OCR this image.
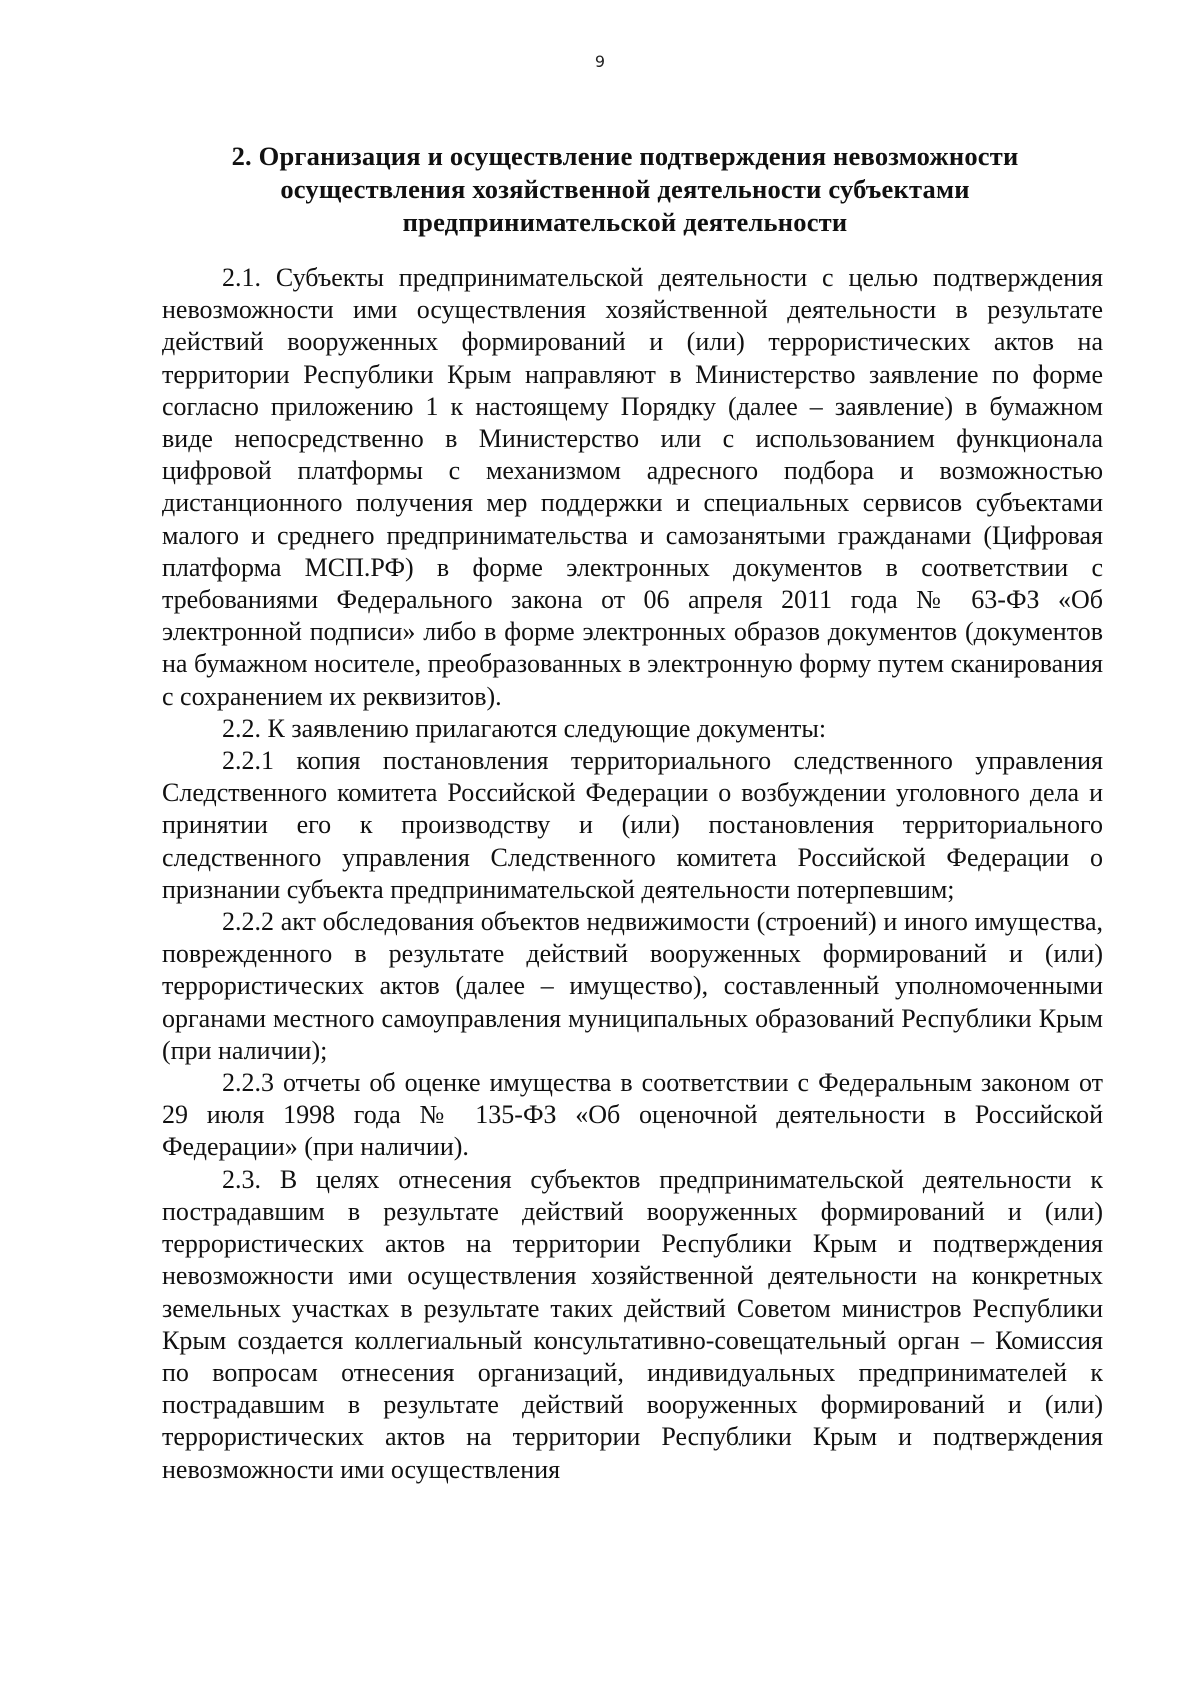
9
2. Организация и осуществление подтверждения невозможности осуществления хозяйственной деятельности субъектами предпринимательской деятельности

2.1. Субъекты предпринимательской деятельности с целью подтверждения невозможности ими осуществления хозяйственной деятельности в результате действий вооруженных формирований и (или) террористических актов на территории Республики Крым направляют в Министерство заявление по форме согласно приложению 1 к настоящему Порядку (далее – заявление) в бумажном виде непосредственно в Министерство или с использованием функционала цифровой платформы с механизмом адресного подбора и возможностью дистанционного получения мер поддержки и специальных сервисов субъектами малого и среднего предпринимательства и самозанятыми гражданами (Цифровая платформа МСП.РФ) в форме электронных документов в соответствии с требованиями Федерального закона от 06 апреля 2011 года № 63-ФЗ «Об электронной подписи» либо в форме электронных образов документов (документов на бумажном носителе, преобразованных в электронную форму путем сканирования с сохранением их реквизитов).

2.2. К заявлению прилагаются следующие документы:

2.2.1 копия постановления территориального следственного управления Следственного комитета Российской Федерации о возбуждении уголовного дела и принятии его к производству и (или) постановления территориального следственного управления Следственного комитета Российской Федерации о признании субъекта предпринимательской деятельности потерпевшим;

2.2.2 акт обследования объектов недвижимости (строений) и иного имущества, поврежденного в результате действий вооруженных формирований и (или) террористических актов (далее – имущество), составленный уполномоченными органами местного самоуправления муниципальных образований Республики Крым (при наличии);

2.2.3 отчеты об оценке имущества в соответствии с Федеральным законом от 29 июля 1998 года № 135-ФЗ «Об оценочной деятельности в Российской Федерации» (при наличии).

2.3. В целях отнесения субъектов предпринимательской деятельности к пострадавшим в результате действий вооруженных формирований и (или) террористических актов на территории Республики Крым и подтверждения невозможности ими осуществления хозяйственной деятельности на конкретных земельных участках в результате таких действий Советом министров Республики Крым создается коллегиальный консультативно-совещательный орган – Комиссия по вопросам отнесения организаций, индивидуальных предпринимателей к пострадавшим в результате действий вооруженных формирований и (или) террористических актов на территории Республики Крым и подтверждения невозможности ими осуществления
